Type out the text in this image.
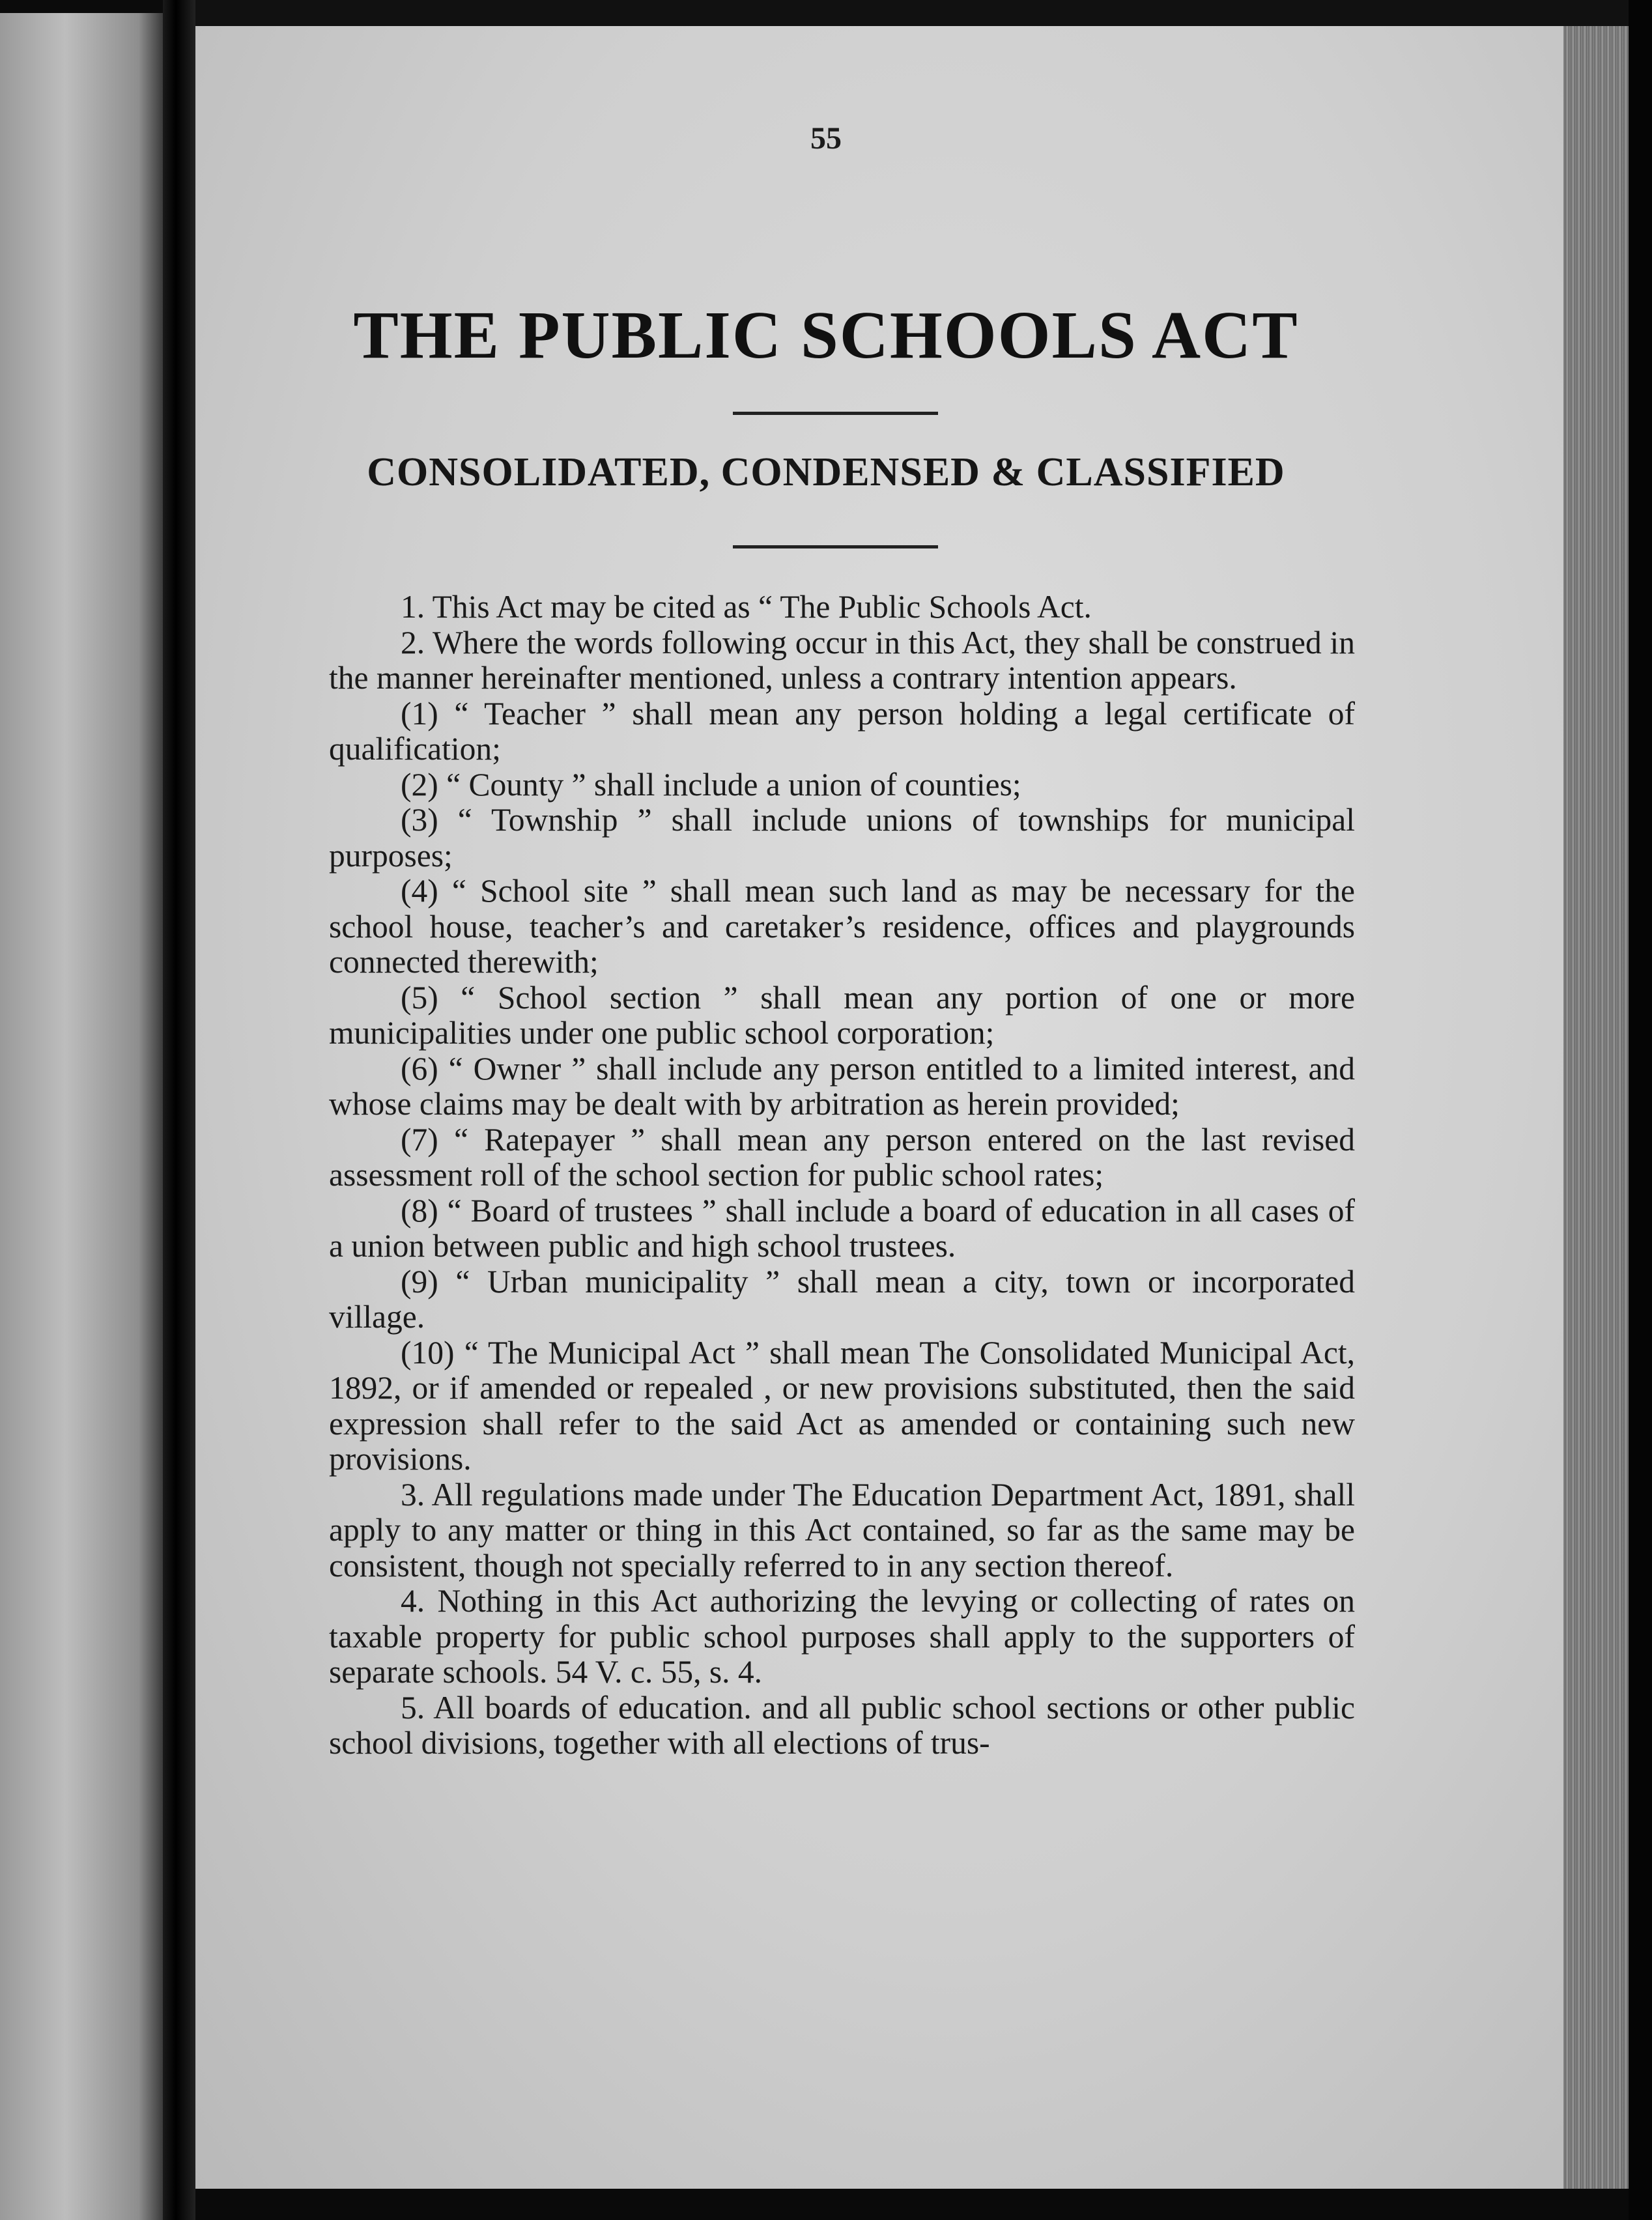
55
THE PUBLIC SCHOOLS ACT
CONSOLIDATED, CONDENSED & CLASSIFIED

1. This Act may be cited as “ The Public Schools Act.

2. Where the words following occur in this Act, they shall be construed in the manner hereinafter mentioned, unless a contrary intention appears.

(1) “ Teacher ” shall mean any person holding a legal certificate of qualification;

(2) “ County ” shall include a union of counties;

(3) “ Township ” shall include unions of townships for municipal purposes;

(4) “ School site ” shall mean such land as may be necessary for the school house, teacher’s and caretaker’s residence, offices and playgrounds connected therewith;

(5) “ School section ” shall mean any portion of one or more municipalities under one public school corporation;

(6) “ Owner ” shall include any person entitled to a limited interest, and whose claims may be dealt with by arbitration as herein provided;

(7) “ Ratepayer ” shall mean any person entered on the last revised assessment roll of the school section for public school rates;

(8) “ Board of trustees ” shall include a board of education in all cases of a union between public and high school trustees.

(9) “ Urban municipality ” shall mean a city, town or incorporated village.

(10) “ The Municipal Act ” shall mean The Consolidated Municipal Act, 1892, or if amended or repealed , or new provisions substituted, then the said expression shall refer to the said Act as amended or containing such new provisions.

3. All regulations made under The Education Department Act, 1891, shall apply to any matter or thing in this Act contained, so far as the same may be consistent, though not specially referred to in any section thereof.

4. Nothing in this Act authorizing the levying or collecting of rates on taxable property for public school purposes shall apply to the supporters of separate schools. 54 V. c. 55, s. 4.

5. All boards of education. and all public school sections or other public school divisions, together with all elections of trus-
